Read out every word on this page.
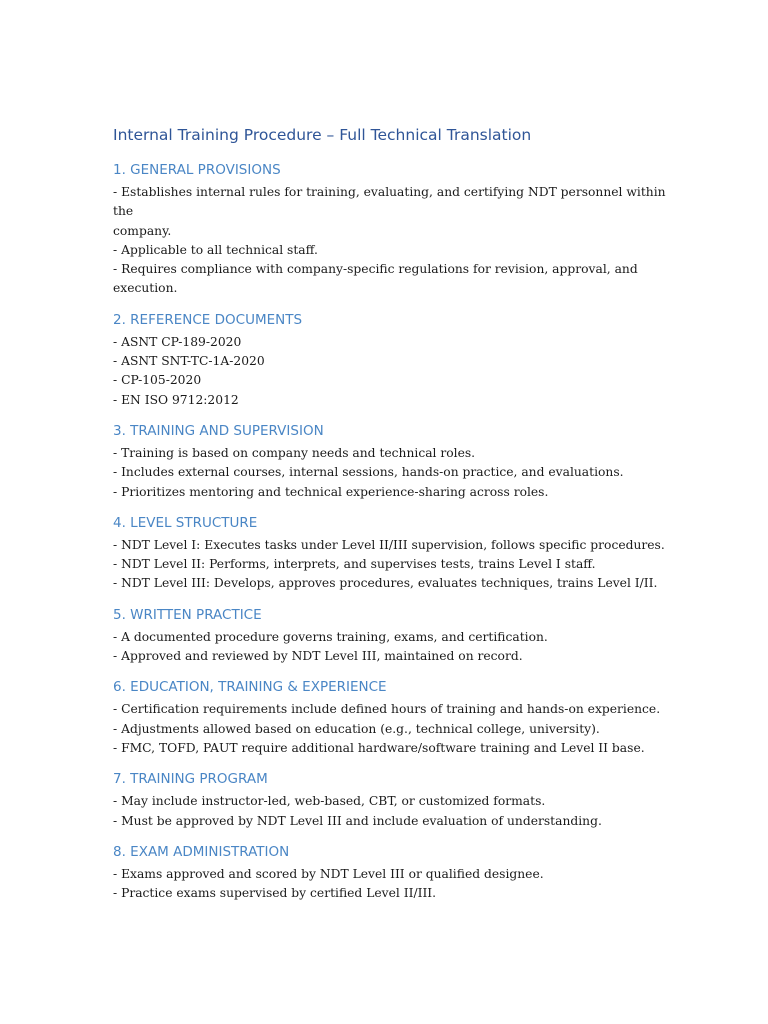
Internal Training Procedure – Full Technical Translation
1. GENERAL PROVISIONS

- Establishes internal rules for training, evaluating, and certifying NDT personnel within the

company.

- Applicable to all technical staff.

- Requires compliance with company-specific regulations for revision, approval, and

execution.

2. REFERENCE DOCUMENTS

- ASNT CP-189-2020

- ASNT SNT-TC-1A-2020

- CP-105-2020

- EN ISO 9712:2012

3. TRAINING AND SUPERVISION

- Training is based on company needs and technical roles.

- Includes external courses, internal sessions, hands-on practice, and evaluations.

- Prioritizes mentoring and technical experience-sharing across roles.

4. LEVEL STRUCTURE

- NDT Level I: Executes tasks under Level II/III supervision, follows specific procedures.

- NDT Level II: Performs, interprets, and supervises tests, trains Level I staff.

- NDT Level III: Develops, approves procedures, evaluates techniques, trains Level I/II.

5. WRITTEN PRACTICE

- A documented procedure governs training, exams, and certification.

- Approved and reviewed by NDT Level III, maintained on record.

6. EDUCATION, TRAINING & EXPERIENCE

- Certification requirements include defined hours of training and hands-on experience.

- Adjustments allowed based on education (e.g., technical college, university).

- FMC, TOFD, PAUT require additional hardware/software training and Level II base.

7. TRAINING PROGRAM

- May include instructor-led, web-based, CBT, or customized formats.

- Must be approved by NDT Level III and include evaluation of understanding.

8. EXAM ADMINISTRATION

- Exams approved and scored by NDT Level III or qualified designee.

- Practice exams supervised by certified Level II/III.
